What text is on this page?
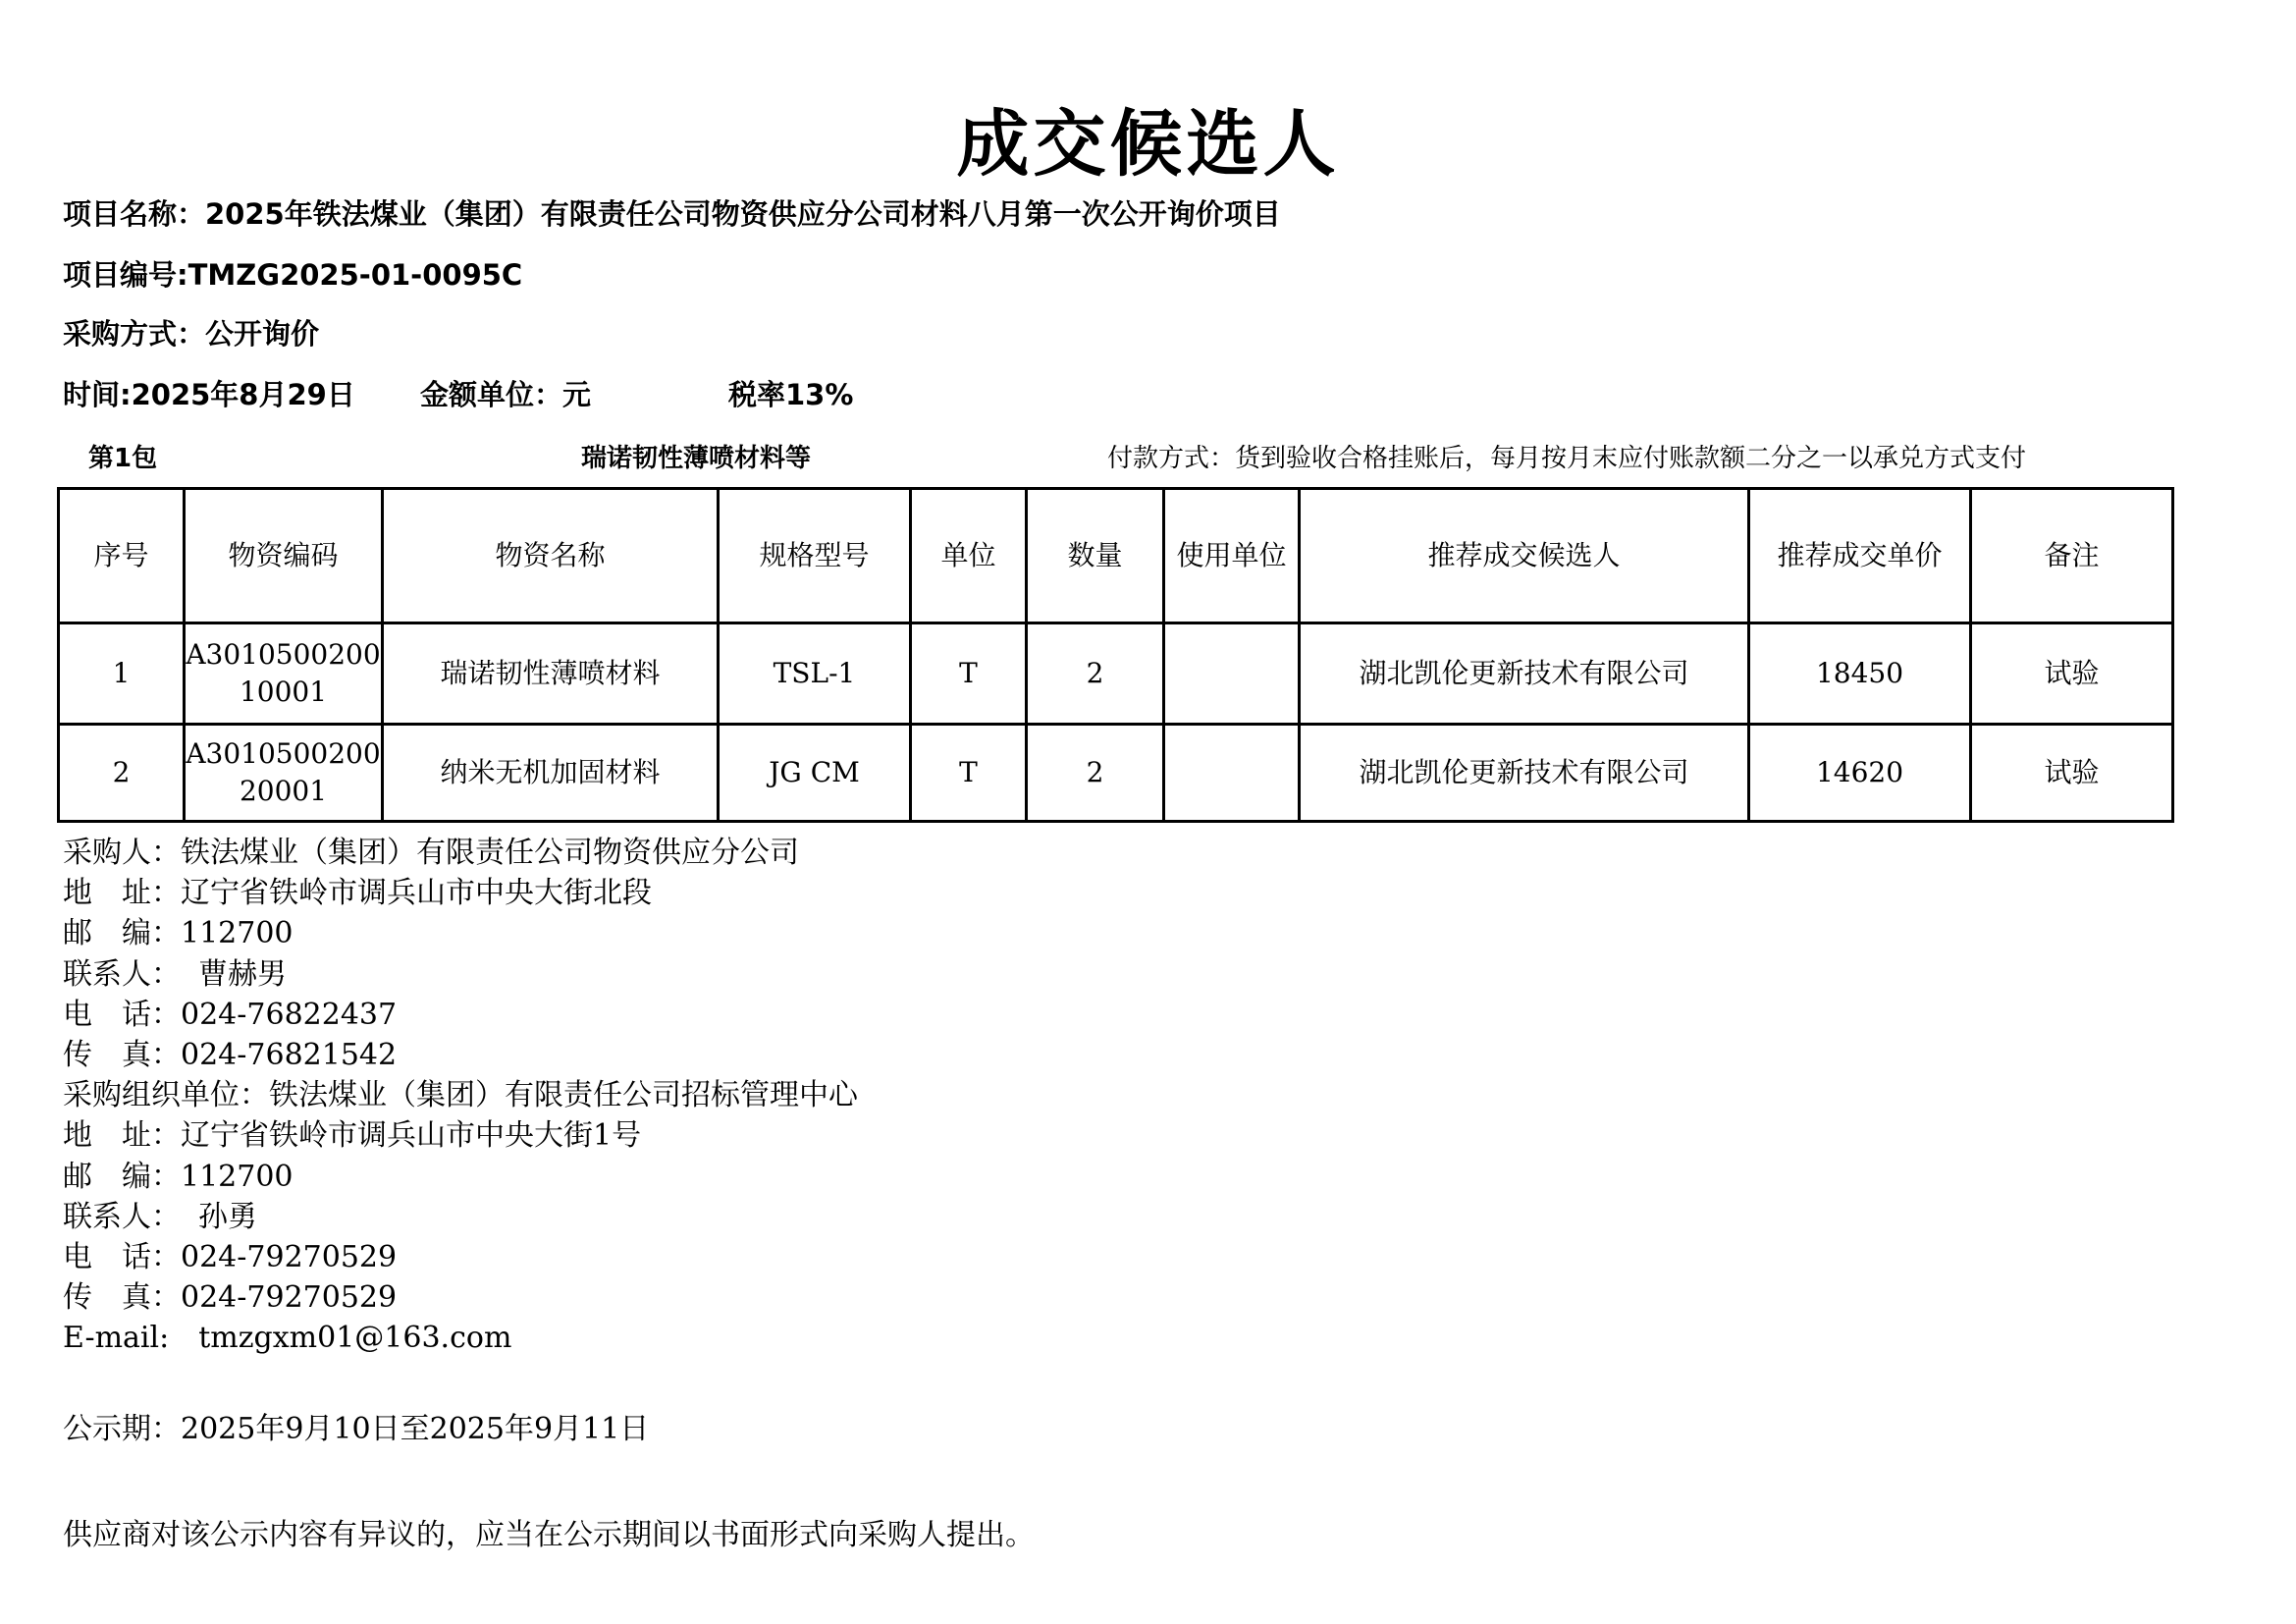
成交候选人
项目名称：2025年铁法煤业（集团）有限责任公司物资供应分公司材料八月第一次公开询价项目
项目编号:TMZG2025-01-0095C
采购方式：公开询价
时间:2025年8月29日 金额单位：元	税率13%
第1包	瑞诺韧性薄喷材料等	付款方式：货到验收合格挂账后，每月按月末应付账款额二分之一以承兑方式支付
序号	物资编码	物资名称	规格型号	单位	数量	使用单位	推荐成交候选人	推荐成交单价	备注
1	A301050020010001	瑞诺韧性薄喷材料	TSL-1	T	2		湖北凯伦更新技术有限公司	18450	试验
2	A301050020020001	纳米无机加固材料	JG CM	T	2		湖北凯伦更新技术有限公司	14620	试验
采购人：铁法煤业（集团）有限责任公司物资供应分公司
地　址：辽宁省铁岭市调兵山市中央大街北段
邮　编：112700
联系人： 曹赫男
电　话：024-76822437
传　真：024-76821542
采购组织单位：铁法煤业（集团）有限责任公司招标管理中心
地　址：辽宁省铁岭市调兵山市中央大街1号
邮　编：112700
联系人： 孙勇
电　话：024-79270529
传　真：024-79270529
E-mail: tmzgxm01@163.com
公示期：2025年9月10日至2025年9月11日
供应商对该公示内容有异议的，应当在公示期间以书面形式向采购人提出。
